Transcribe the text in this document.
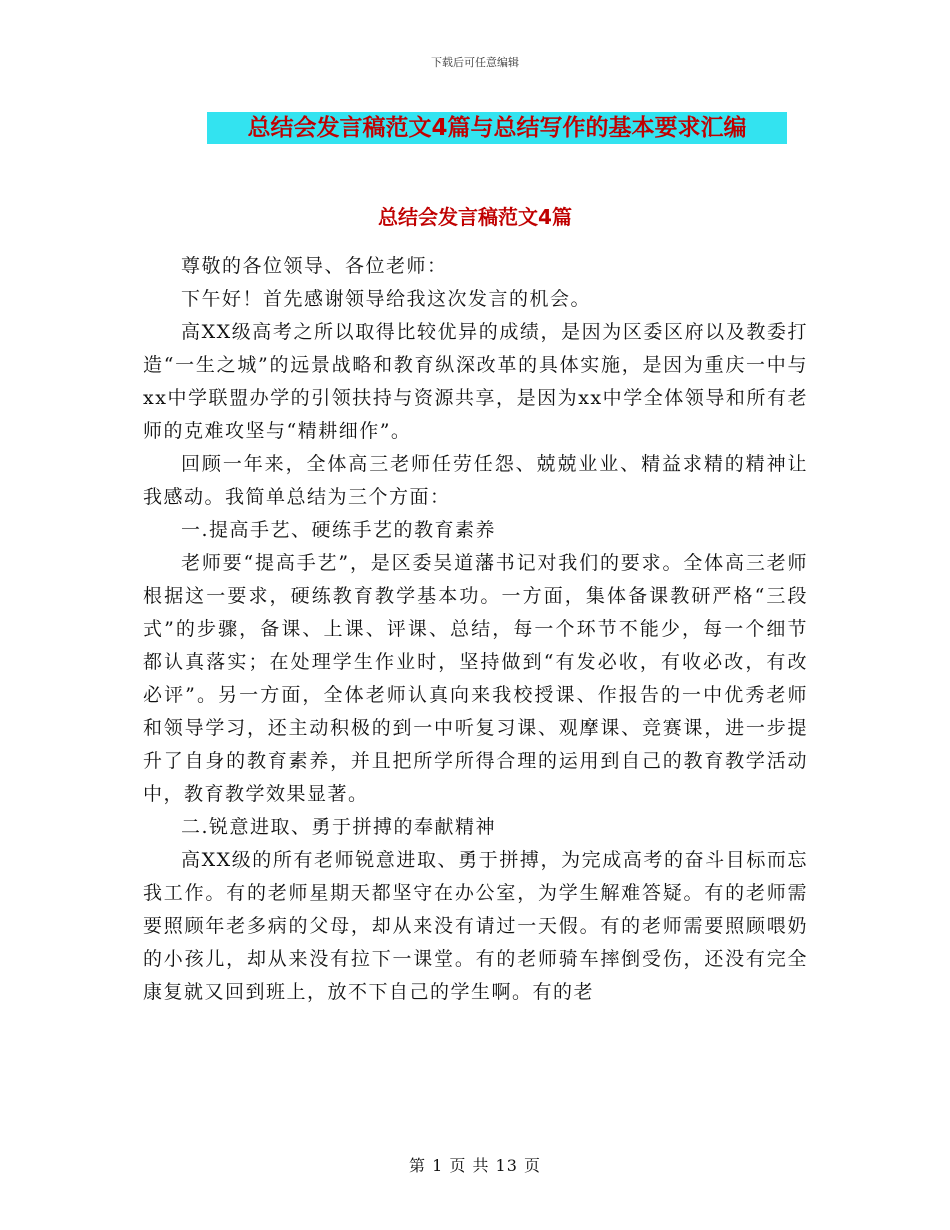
下载后可任意编辑
总结会发言稿范文4篇与总结写作的基本要求汇编
总结会发言稿范文4篇

尊敬的各位领导、各位老师：

下午好！首先感谢领导给我这次发言的机会。

高XX级高考之所以取得比较优异的成绩，是因为区委区府以及教委打造“一生之城”的远景战略和教育纵深改革的具体实施，是因为重庆一中与xx中学联盟办学的引领扶持与资源共享，是因为xx中学全体领导和所有老师的克难攻坚与“精耕细作”。

回顾一年来，全体高三老师任劳任怨、兢兢业业、精益求精的精神让我感动。我简单总结为三个方面：

一.提高手艺、硬练手艺的教育素养

老师要“提高手艺”，是区委吴道藩书记对我们的要求。全体高三老师根据这一要求，硬练教育教学基本功。一方面，集体备课教研严格“三段式”的步骤，备课、上课、评课、总结，每一个环节不能少，每一个细节都认真落实；在处理学生作业时，坚持做到“有发必收，有收必改，有改必评”。另一方面，全体老师认真向来我校授课、作报告的一中优秀老师和领导学习，还主动积极的到一中听复习课、观摩课、竞赛课，进一步提升了自身的教育素养，并且把所学所得合理的运用到自己的教育教学活动中，教育教学效果显著。

二.锐意进取、勇于拼搏的奉献精神

高XX级的所有老师锐意进取、勇于拼搏，为完成高考的奋斗目标而忘我工作。有的老师星期天都坚守在办公室，为学生解难答疑。有的老师需要照顾年老多病的父母，却从来没有请过一天假。有的老师需要照顾喂奶的小孩儿，却从来没有拉下一课堂。有的老师骑车摔倒受伤，还没有完全康复就又回到班上，放不下自己的学生啊。有的老

第 1 页 共 13 页
